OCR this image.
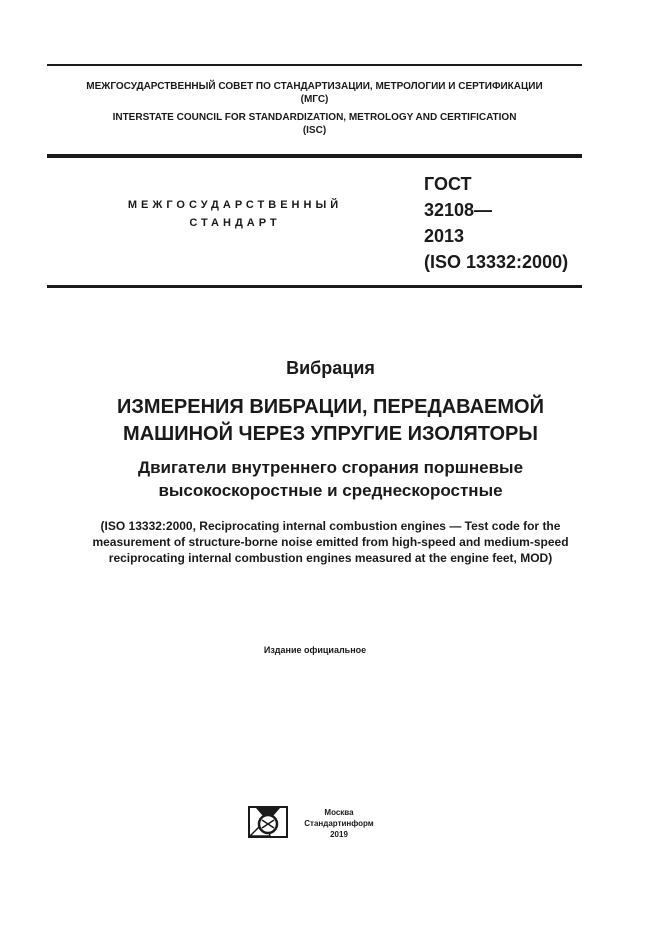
МЕЖГОСУДАРСТВЕННЫЙ СОВЕТ ПО СТАНДАРТИЗАЦИИ, МЕТРОЛОГИИ И СЕРТИФИКАЦИИ
(МГС)
INTERSTATE COUNCIL FOR STANDARDIZATION, METROLOGY AND CERTIFICATION
(ISC)
МЕЖГОСУДАРСТВЕННЫЙ
СТАНДАРТ
ГОСТ
32108—
2013
(ISO 13332:2000)
Вибрация
ИЗМЕРЕНИЯ ВИБРАЦИИ, ПЕРЕДАВАЕМОЙ
МАШИНОЙ ЧЕРЕЗ УПРУГИЕ ИЗОЛЯТОРЫ
Двигатели внутреннего сгорания поршневые
высокоскоростные и среднескоростные
(ISO 13332:2000, Reciprocating internal combustion engines — Test code for the
measurement of structure-borne noise emitted from high-speed and medium-speed
reciprocating internal combustion engines measured at the engine feet, MOD)
Издание официальное
Москва
Стандартинформ
2019
